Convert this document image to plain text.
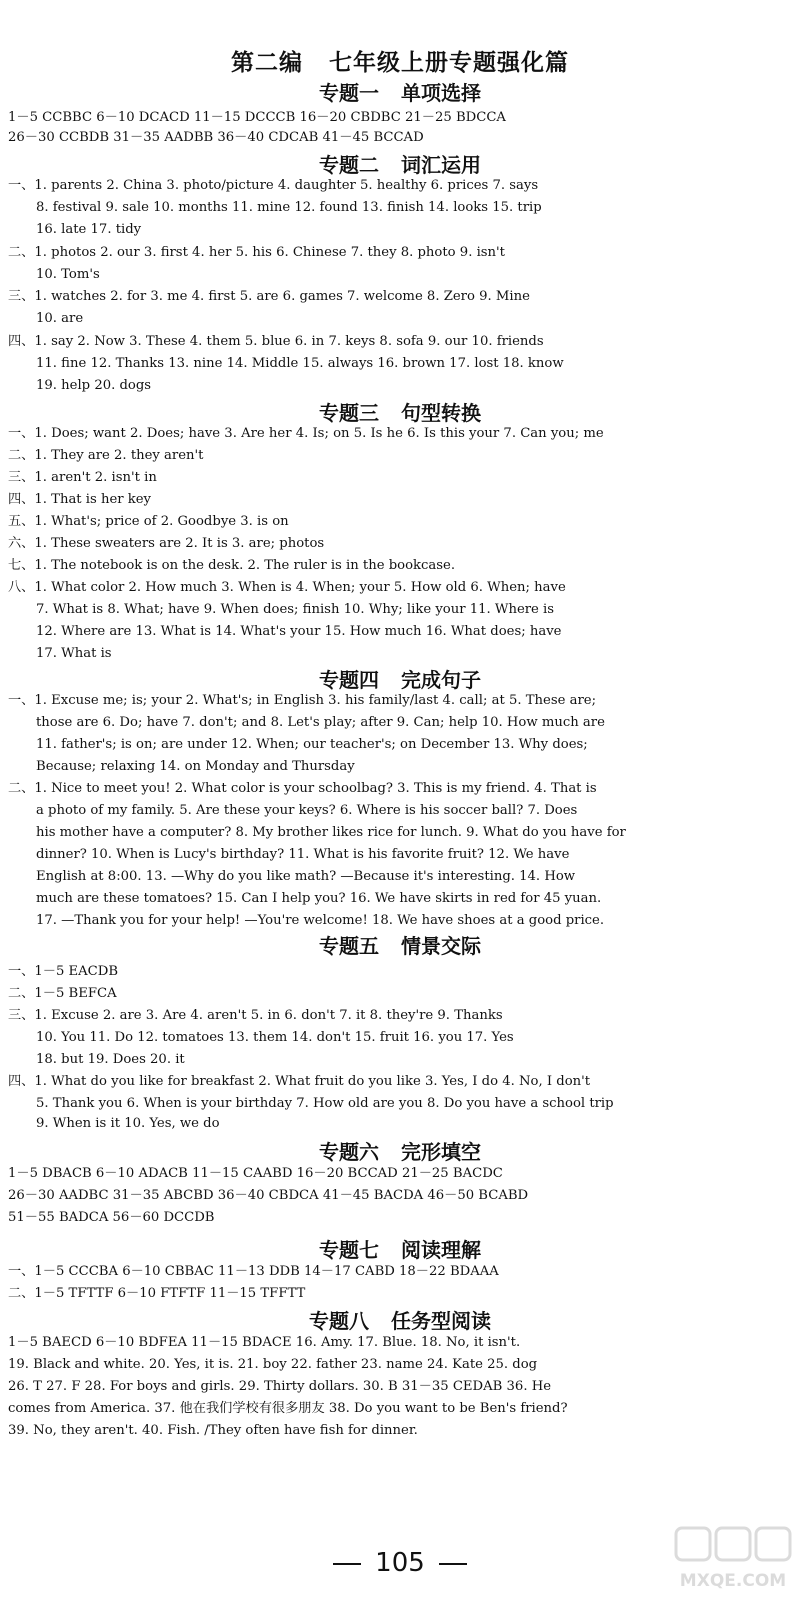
第二编 七年级上册专题强化篇
专题一 单项选择
专题二 词汇运用
专题三 句型转换
专题四 完成句子
专题五 情景交际
专题六 完形填空
专题七 阅读理解
专题八 任务型阅读
1－5 CCBBC 6－10 DCACD 11－15 DCCCB 16－20 CBDBC 21－25 BDCCA
26－30 CCBDB 31－35 AADBB 36－40 CDCAB 41－45 BCCAD
一、1. parents 2. China 3. photo/picture 4. daughter 5. healthy 6. prices 7. says
8. festival 9. sale 10. months 11. mine 12. found 13. finish 14. looks 15. trip
16. late 17. tidy
二、1. photos 2. our 3. first 4. her 5. his 6. Chinese 7. they 8. photo 9. isn't
10. Tom's
三、1. watches 2. for 3. me 4. first 5. are 6. games 7. welcome 8. Zero 9. Mine
10. are
四、1. say 2. Now 3. These 4. them 5. blue 6. in 7. keys 8. sofa 9. our 10. friends
11. fine 12. Thanks 13. nine 14. Middle 15. always 16. brown 17. lost 18. know
19. help 20. dogs
一、1. Does; want 2. Does; have 3. Are her 4. Is; on 5. Is he 6. Is this your 7. Can you; me
二、1. They are 2. they aren't
三、1. aren't 2. isn't in
四、1. That is her key
五、1. What's; price of 2. Goodbye 3. is on
六、1. These sweaters are 2. It is 3. are; photos
七、1. The notebook is on the desk. 2. The ruler is in the bookcase.
八、1. What color 2. How much 3. When is 4. When; your 5. How old 6. When; have
7. What is 8. What; have 9. When does; finish 10. Why; like your 11. Where is
12. Where are 13. What is 14. What's your 15. How much 16. What does; have
17. What is
一、1. Excuse me; is; your 2. What's; in English 3. his family/last 4. call; at 5. These are;
those are 6. Do; have 7. don't; and 8. Let's play; after 9. Can; help 10. How much are
11. father's; is on; are under 12. When; our teacher's; on December 13. Why does;
Because; relaxing 14. on Monday and Thursday
二、1. Nice to meet you! 2. What color is your schoolbag? 3. This is my friend. 4. That is
a photo of my family. 5. Are these your keys? 6. Where is his soccer ball? 7. Does
his mother have a computer? 8. My brother likes rice for lunch. 9. What do you have for
dinner? 10. When is Lucy's birthday? 11. What is his favorite fruit? 12. We have
English at 8:00. 13. —Why do you like math? —Because it's interesting. 14. How
much are these tomatoes? 15. Can I help you? 16. We have skirts in red for 45 yuan.
一、1－5 EACDB
二、1－5 BEFCA
三、1. Excuse 2. are 3. Are 4. aren't 5. in 6. don't 7. it 8. they're 9. Thanks
10. You 11. Do 12. tomatoes 13. them 14. don't 15. fruit 16. you 17. Yes
18. but 19. Does 20. it
四、1. What do you like for breakfast 2. What fruit do you like 3. Yes, I do 4. No, I don't
5. Thank you 6. When is your birthday 7. How old are you 8. Do you have a school trip
9. When is it 10. Yes, we do
1－5 DBACB 6－10 ADACB 11－15 CAABD 16－20 BCCAD 21－25 BACDC
26－30 AADBC 31－35 ABCBD 36－40 CBDCA 41－45 BACDA 46－50 BCABD
51－55 BADCA 56－60 DCCDB
一、1－5 CCCBA 6－10 CBBAC 11－13 DDB 14－17 CABD 18－22 BDAAA
二、1－5 TFTTF 6－10 FTFTF 11－15 TFFTT
1－5 BAECD 6－10 BDFEA 11－15 BDACE 16. Amy. 17. Blue. 18. No, it isn't.
19. Black and white. 20. Yes, it is. 21. boy 22. father 23. name 24. Kate 25. dog
26. T 27. F 28. For boys and girls. 29. Thirty dollars. 30. B 31－35 CEDAB 36. He
comes from America. 37. 他在我们学校有很多朋友 38. Do you want to be Ben's friend?
39. No, they aren't. 40. Fish. /They often have fish for dinner.
105
MXQE.COM
17. —Thank you for your help! —You're welcome! 18. We have shoes at a good price.
